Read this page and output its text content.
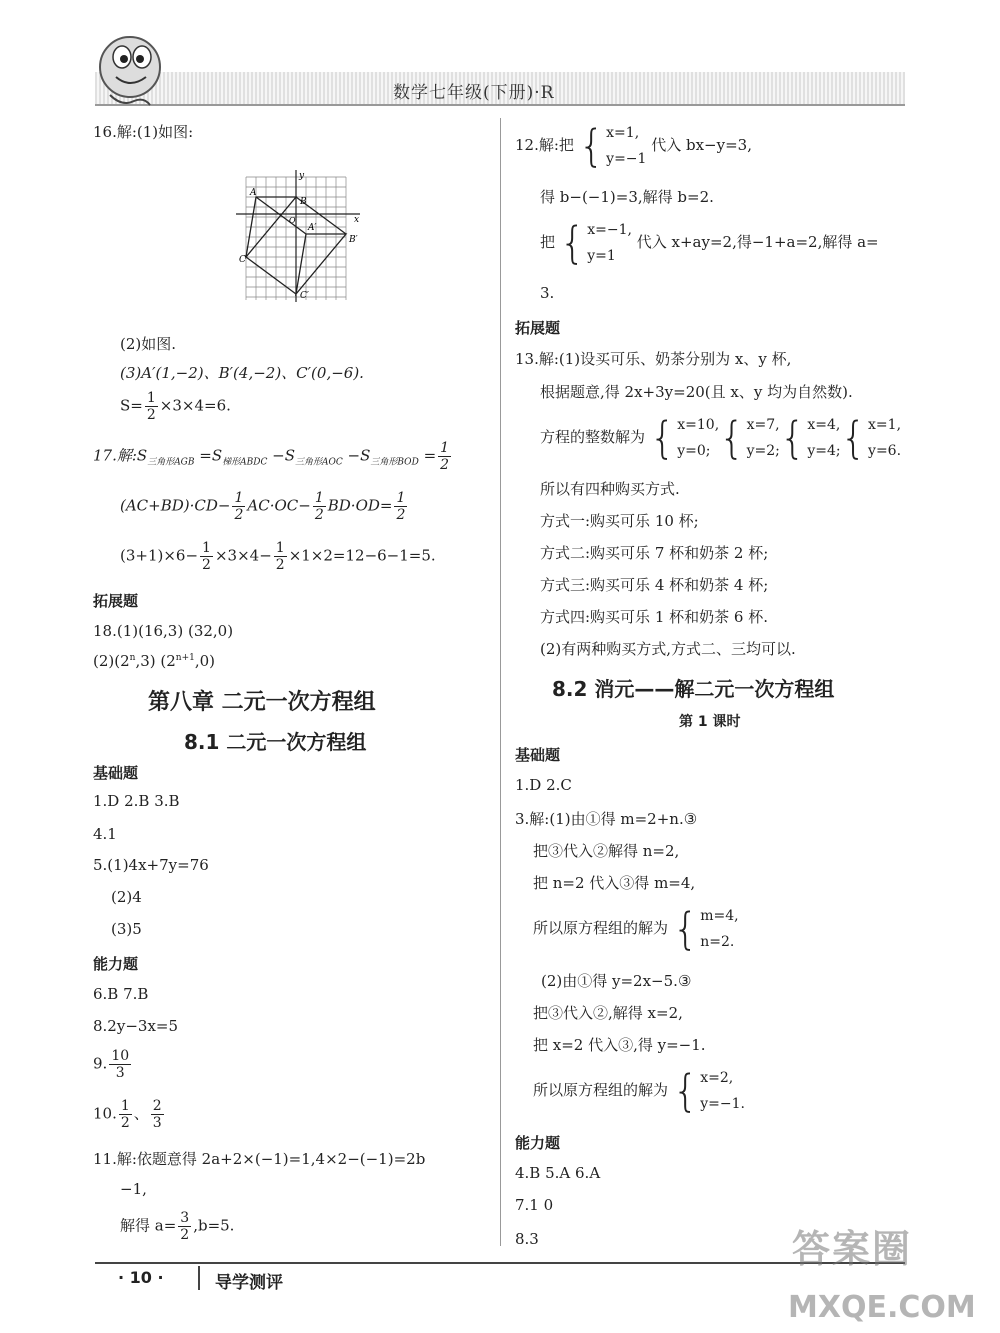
数学七年级(下册)·R
16.解:(1)如图:
y
x
A
B
C
A′
B′
C′
O
(2)如图.
(3)A′(1,−2)、B′(4,−2)、C′(0,−6).
$S= \frac{1}{2} \times 3\times 4=6$.
17.解$:S_{三角形AGB} =S_{梯形ABDC} -S_{三角形AOC} -S_{三角形BOD} = \frac{1}{2}$
$(AC+BD)\cdot CD- \frac{1}{2} AC\cdot OC- \frac{1}{2} BD\cdot OD= \frac{1}{2}$
$(3+1)\times 6- \frac{1}{2} \times 3\times 4- \frac{1}{2} \times 1\times 2=12-6-1=5$.
拓展题
18.(1)(16,3) (32,0)
(2)(2$^n$,3) $(2^{n+1},0)$
第八章 二元一次方程组
8.1 二元一次方程组
基础题
1.D 2.B 3.B
4.1
5.(1)4x+7y=76
(2)4
(3)5
能力题
6.B 7.B
8.2y−3x=5
9. $\frac{10}{3}$
10. $\frac{1}{2}$ 、 $\frac{2}{3}$
11.解:依题意得 2a+2×(−1)=1,4×2−(−1)=2b
−1,
解得 $a= \frac{3}{2} ,b=5$.
12.解:把 { x=1,
y=−1
代入 bx−y=3,
得 b−(−1)=3,解得 b=2.
把 { x=−1,
y=1
代入 x+ay=2,得−1+a=2,解得 a=
3.
拓展题
13.解:(1)设买可乐、奶茶分别为 x、y 杯,
根据题意,得 2x+3y=20(且 x、y 均为自然数).
方程的整数解为 { x=10,
y=0; { x=7,
y=2; { x=4,
y=4; { x=1,
y=6.
所以有四种购买方式.
方式一:购买可乐 10 杯;
方式二:购买可乐 7 杯和奶茶 2 杯;
方式三:购买可乐 4 杯和奶茶 4 杯;
方式四:购买可乐 1 杯和奶茶 6 杯.
(2)有两种购买方式,方式二、三均可以.
8.2 消元——解二元一次方程组
第 1 课时
基础题
1.D 2.C
3.解:(1)由①得 m=2+n.③
把③代入②解得 n=2,
把 n=2 代入③得 m=4,
所以原方程组的解为 { m=4,
n=2.
(2)由①得 y=2x−5.③
把③代入②,解得 x=2,
把 x=2 代入③,得 y=−1.
所以原方程组的解为 { x=2,
y=−1.
能力题
4.B 5.A 6.A
7.1 0
8.3
· 10 ·	导学测评
答案圈
MXQE.COM
